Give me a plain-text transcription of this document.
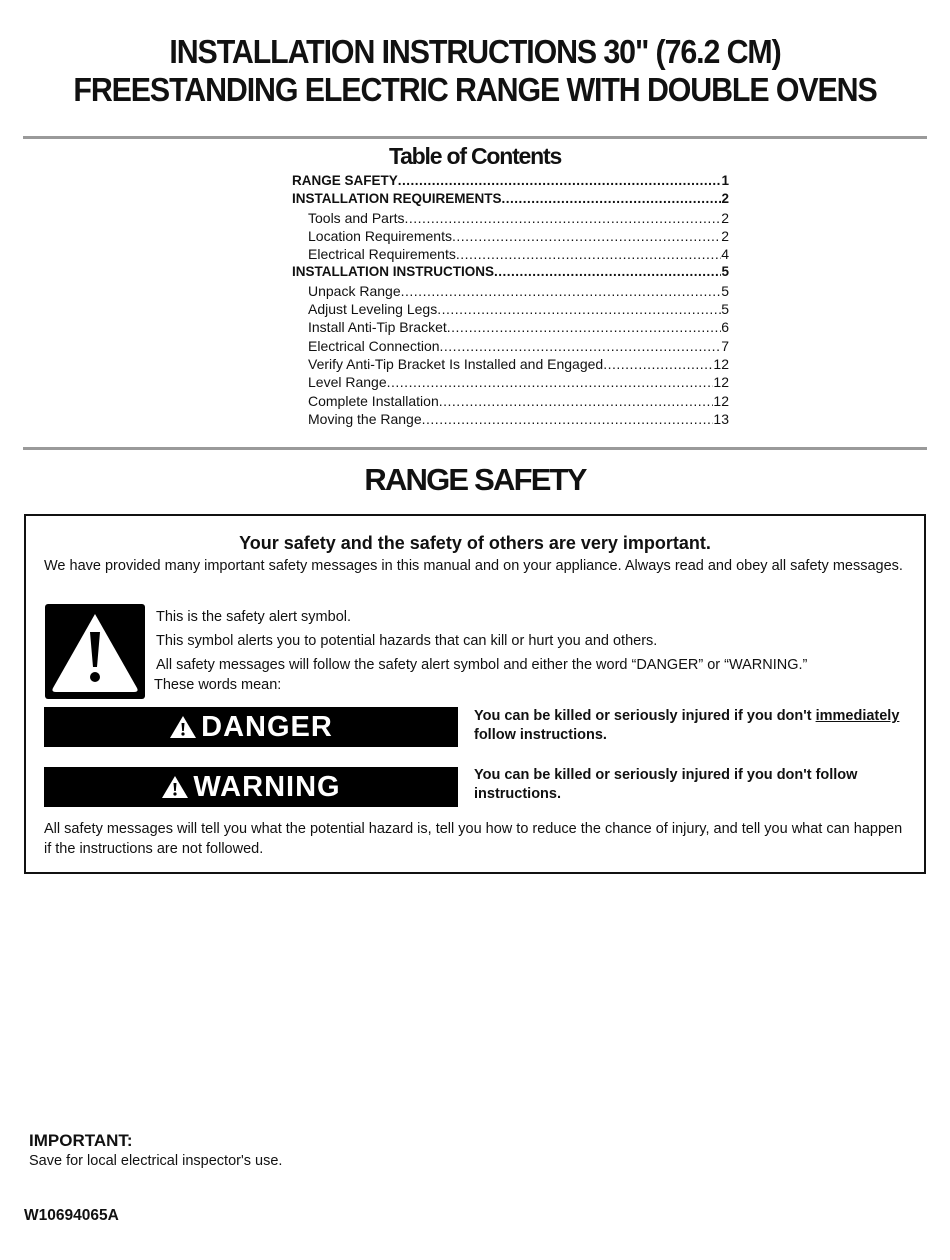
INSTALLATION INSTRUCTIONS 30" (76.2 CM)
FREESTANDING ELECTRIC RANGE WITH DOUBLE OVENS
Table of Contents
RANGE SAFETY .....	1
INSTALLATION REQUIREMENTS .....	2
Tools and Parts .....	2
Location Requirements .....	2
Electrical Requirements .....	4
INSTALLATION INSTRUCTIONS .....	5
Unpack Range .....	5
Adjust Leveling Legs .....	5
Install Anti-Tip Bracket .....	6
Electrical Connection .....	7
Verify Anti-Tip Bracket Is Installed and Engaged .....	12
Level Range .....	12
Complete Installation .....	12
Moving the Range .....	13
RANGE SAFETY
Your safety and the safety of others are very important.
We have provided many important safety messages in this manual and on your appliance. Always read and obey all safety messages.
This is the safety alert symbol.
This symbol alerts you to potential hazards that can kill or hurt you and others.
All safety messages will follow the safety alert symbol and either the word “DANGER” or “WARNING.”
These words mean:
DANGER	You can be killed or seriously injured if you don't immediately follow instructions.
WARNING	You can be killed or seriously injured if you don't follow instructions.
All safety messages will tell you what the potential hazard is, tell you how to reduce the chance of injury, and tell you what can happen if the instructions are not followed.
IMPORTANT:
Save for local electrical inspector's use.
W10694065A
